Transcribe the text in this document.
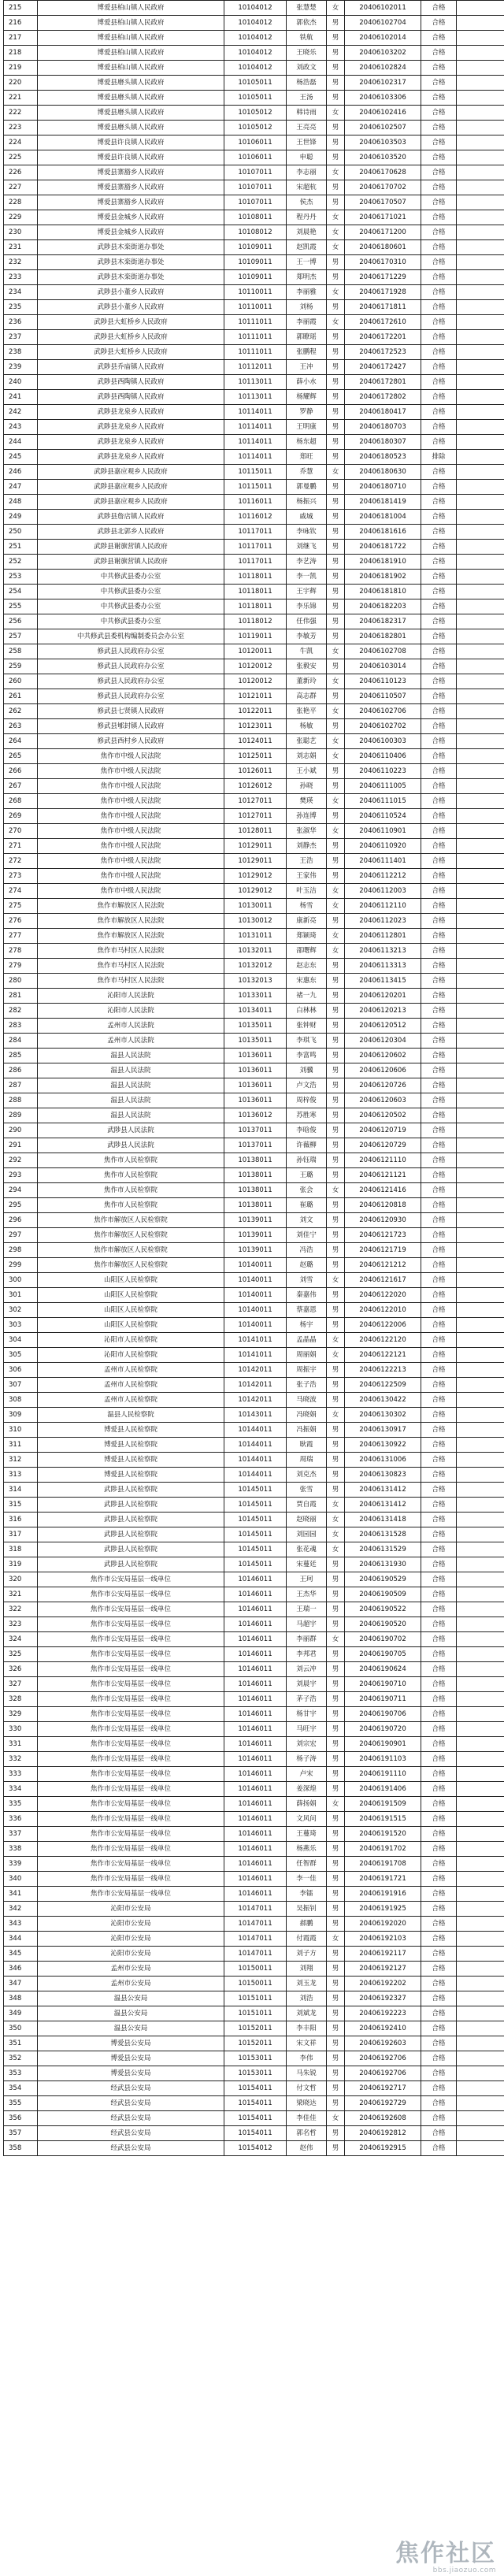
215	博爱县柏山镇人民政府	10104012	张慧楚	女	20406102011	合格	
216	博爱县柏山镇人民政府	10104012	郭依杰	男	20406102704	合格	
217	博爱县柏山镇人民政府	10104012	铁航	男	20406102014	合格	
218	博爱县柏山镇人民政府	10104012	王晓乐	男	20406103202	合格	
219	博爱县柏山镇人民政府	10104012	刘政文	男	20406102824	合格	
220	博爱县磨头镇人民政府	10105011	杨浩磊	男	20406102317	合格	
221	博爱县磨头镇人民政府	10105011	王汤	男	20406103306	合格	
222	博爱县磨头镇人民政府	10105012	韩诗雨	女	20406102416	合格	
223	博爱县磨头镇人民政府	10105012	王亮亮	男	20406102507	合格	
224	博爱县许良镇人民政府	10106011	王世锋	男	20406103503	合格	
225	博爱县许良镇人民政府	10106011	申聪	男	20406103520	合格	
226	博爱县寨豁乡人民政府	10107011	李志丽	女	20406170628	合格	
227	博爱县寨豁乡人民政府	10107011	宋超杭	男	20406170702	合格	
228	博爱县寨豁乡人民政府	10107011	侯杰	男	20406170507	合格	
229	博爱县金城乡人民政府	10108011	程丹丹	女	20406171021	合格	
230	博爱县金城乡人民政府	10108012	刘晨艳	女	20406171200	合格	
231	武陟县木栾街道办事处	10109011	赵凯霞	女	20406180601	合格	
232	武陟县木栾街道办事处	10109011	王一博	男	20406170310	合格	
233	武陟县木栾街道办事处	10109011	郑明杰	男	20406171229	合格	
234	武陟县小董乡人民政府	10110011	李丽雅	女	20406171928	合格	
235	武陟县小董乡人民政府	10110011	刘杨	男	20406171811	合格	
236	武陟县大虹桥乡人民政府	10111011	李丽霞	女	20406172610	合格	
237	武陟县大虹桥乡人民政府	10111011	郭瞭瑶	男	20406172201	合格	
238	武陟县大虹桥乡人民政府	10111011	张鹏程	男	20406172523	合格	
239	武陟县乔庙镇人民政府	10112011	王冲	男	20406172427	合格	
240	武陟县西陶镇人民政府	10113011	薛小水	男	20406172801	合格	
241	武陟县西陶镇人民政府	10113011	杨耀辉	男	20406172802	合格	
242	武陟县龙泉乡人民政府	10114011	罗静	男	20406180417	合格	
243	武陟县龙泉乡人民政府	10114011	王明康	男	20406180703	合格	
244	武陟县龙泉乡人民政府	10114011	杨东超	男	20406180307	合格	
245	武陟县龙泉乡人民政府	10114011	郑旺	男	20406180523	排除	
246	武陟县嘉应观乡人民政府	10115011	乔慧	女	20406180630	合格	
247	武陟县嘉应观乡人民政府	10115011	郭曼鹏	男	20406180710	合格	
248	武陟县嘉应观乡人民政府	10116011	杨振兴	男	20406181419	合格	
249	武陟县詹店镇人民政府	10116012	戚城	男	20406181004	合格	
250	武陟县北郭乡人民政府	10117011	李咏钦	男	20406181616	合格	
251	武陟县谢旗营镇人民政府	10117011	刘继飞	男	20406181722	合格	
252	武陟县谢旗营镇人民政府	10117011	李艺涛	男	20406181910	合格	
253	中共修武县委办公室	10118011	李一凯	男	20406181902	合格	
254	中共修武县委办公室	10118011	王宇辉	男	20406181810	合格	
255	中共修武县委办公室	10118011	李乐锦	男	20406182203	合格	
256	中共修武县委办公室	10118012	任伟强	男	20406182317	合格	
257	中共修武县委机构编制委员会办公室	10119011	李敏芳	男	20406182801	合格	
258	修武县人民政府办公室	10120011	牛凯	女	20406102708	合格	
259	修武县人民政府办公室	10120012	张毅安	男	20406103014	合格	
260	修武县人民政府办公室	10120012	董新玲	女	20406110123	合格	
261	修武县人民政府办公室	10121011	高志群	男	20406110507	合格	
262	修武县七贤镇人民政府	10122011	张艳平	女	20406102706	合格	
263	修武县郇封镇人民政府	10123011	杨敏	男	20406102702	合格	
264	修武县西村乡人民政府	10124011	张聪艺	女	20406100303	合格	
265	焦作市中级人民法院	10125011	刘志娟	女	20406110406	合格	
266	焦作市中级人民法院	10126011	王小斌	男	20406110223	合格	
267	焦作市中级人民法院	10126012	孙晓	男	20406111005	合格	
268	焦作市中级人民法院	10127011	樊瑛	女	20406111015	合格	
269	焦作市中级人民法院	10127011	孙连博	男	20406110524	合格	
270	焦作市中级人民法院	10128011	张淑华	女	20406110901	合格	
271	焦作市中级人民法院	10129011	刘静杰	男	20406110920	合格	
272	焦作市中级人民法院	10129011	王浩	男	20406111401	合格	
273	焦作市中级人民法院	10129012	王家伟	男	20406112212	合格	
274	焦作市中级人民法院	10129012	叶玉洁	女	20406112003	合格	
275	焦作市解放区人民法院	10130011	杨雪	女	20406112110	合格	
276	焦作市解放区人民法院	10130012	康新亮	男	20406112023	合格	
277	焦作市解放区人民法院	10131011	郑颖琦	女	20406112801	合格	
278	焦作市马村区人民法院	10132011	邵曙辉	女	20406113213	合格	
279	焦作市马村区人民法院	10132012	赵志东	男	20406113313	合格	
280	焦作市马村区人民法院	10132013	宋惠东	男	20406113415	合格	
281	沁阳市人民法院	10133011	褚一九	男	20406120201	合格	
282	沁阳市人民法院	10134011	白林林	男	20406120213	合格	
283	孟州市人民法院	10135011	张钟财	男	20406120512	合格	
284	孟州市人民法院	10135011	李琪飞	男	20406120304	合格	
285	温县人民法院	10136011	李富鸣	男	20406120602	合格	
286	温县人民法院	10136011	刘骥	男	20406120606	合格	
287	温县人民法院	10136011	卢文浩	男	20406120726	合格	
288	温县人民法院	10136011	周梓俊	男	20406120603	合格	
289	温县人民法院	10136012	苏胜寒	男	20406120502	合格	
290	武陟县人民法院	10137011	李晗俊	男	20406120719	合格	
291	武陟县人民法院	10137011	许薇柳	男	20406120729	合格	
292	焦作市人民检察院	10138011	孙钰瑞	男	20406121110	合格	
293	焦作市人民检察院	10138011	王璐	男	20406121121	合格	
294	焦作市人民检察院	10138011	张会	女	20406121416	合格	
295	焦作市人民检察院	10138011	崔璐	男	20406120818	合格	
296	焦作市解放区人民检察院	10139011	刘文	男	20406120930	合格	
297	焦作市解放区人民检察院	10139011	刘佳宁	男	20406121723	合格	
298	焦作市解放区人民检察院	10139011	冯浩	男	20406121719	合格	
299	焦作市解放区人民检察院	10140011	赵璐	男	20406121212	合格	
300	山阳区人民检察院	10140011	刘雪	女	20406121617	合格	
301	山阳区人民检察院	10140011	秦嘉伟	男	20406122020	合格	
302	山阳区人民检察院	10140011	蔡嘉恩	男	20406122010	合格	
303	山阳区人民检察院	10140011	杨宇	男	20406122006	合格	
304	沁阳市人民检察院	10141011	孟晶晶	女	20406122120	合格	
305	沁阳市人民检察院	10141011	周丽娟	女	20406122121	合格	
306	孟州市人民检察院	10142011	周振宇	男	20406122213	合格	
307	孟州市人民检察院	10142011	张子浩	男	20406122509	合格	
308	孟州市人民检察院	10142011	马晓波	男	20406130422	合格	
309	温县人民检察院	10143011	冯晓娟	女	20406130302	合格	
310	博爱县人民检察院	10144011	冯振娟	男	20406130917	合格	
311	博爱县人民检察院	10144011	耿霞	男	20406130922	合格	
312	博爱县人民检察院	10144011	周瑞	男	20406131006	合格	
313	博爱县人民检察院	10144011	刘克杰	男	20406130823	合格	
314	武陟县人民检察院	10145011	张雪	男	20406131412	合格	
315	武陟县人民检察院	10145011	贾自霞	女	20406131412	合格	
316	武陟县人民检察院	10145011	赵晓丽	女	20406131418	合格	
317	武陟县人民检察院	10145011	刘园园	女	20406131528	合格	
318	武陟县人民检察院	10145011	张花魂	女	20406131529	合格	
319	武陟县人民检察院	10145011	宋蔓廷	男	20406131930	合格	
320	焦作市公安局基层一线单位	10146011	王珂	男	20406190529	合格	
321	焦作市公安局基层一线单位	10146011	王杰华	男	20406190509	合格	
322	焦作市公安局基层一线单位	10146011	王瑞一	男	20406190522	合格	
323	焦作市公安局基层一线单位	10146011	马超宇	男	20406190520	合格	
324	焦作市公安局基层一线单位	10146011	李丽群	女	20406190702	合格	
325	焦作市公安局基层一线单位	10146011	李邦君	男	20406190705	合格	
326	焦作市公安局基层一线单位	10146011	刘云冲	男	20406190624	合格	
327	焦作市公安局基层一线单位	10146011	刘晨宇	男	20406190710	合格	
328	焦作市公安局基层一线单位	10146011	茅子浩	男	20406190711	合格	
329	焦作市公安局基层一线单位	10146011	杨甘宇	男	20406190706	合格	
330	焦作市公安局基层一线单位	10146011	马旺宇	男	20406190720	合格	
331	焦作市公安局基层一线单位	10146011	刘宗宏	男	20406190901	合格	
332	焦作市公安局基层一线单位	10146011	杨子涛	男	20406191103	合格	
333	焦作市公安局基层一线单位	10146011	卢宋	男	20406191110	合格	
334	焦作市公安局基层一线单位	10146011	姜深煌	男	20406191406	合格	
335	焦作市公安局基层一线单位	10146011	薛扬娟	女	20406191509	合格	
336	焦作市公安局基层一线单位	10146011	文风问	男	20406191515	合格	
337	焦作市公安局基层一线单位	10146011	王蔓琦	男	20406191520	合格	
338	焦作市公安局基层一线单位	10146011	杨燕乐	男	20406191702	合格	
339	焦作市公安局基层一线单位	10146011	任智群	男	20406191708	合格	
340	焦作市公安局基层一线单位	10146011	李一佳	男	20406191721	合格	
341	焦作市公安局基层一线单位	10146011	李镭	男	20406191916	合格	
342	沁阳市公安局	10147011	吴振钊	男	20406191925	合格	
343	沁阳市公安局	10147011	郝鹏	男	20406192020	合格	
344	沁阳市公安局	10147011	付霞霞	女	20406192103	合格	
345	沁阳市公安局	10147011	刘子方	男	20406192117	合格	
346	孟州市公安局	10150011	刘翔	男	20406192127	合格	
347	孟州市公安局	10150011	刘玉龙	男	20406192202	合格	
348	温县公安局	10151011	刘浩	男	20406192327	合格	
349	温县公安局	10151011	刘斌龙	男	20406192223	合格	
350	温县公安局	10152011	李丰阳	男	20406192410	合格	
351	博爱县公安局	10152011	宋文祥	男	20406192603	合格	
352	博爱县公安局	10153011	李伟	男	20406192706	合格	
353	博爱县公安局	10153011	马朱锐	男	20406192706	合格	
354	经武县公安局	10154011	付文哲	男	20406192717	合格	
355	经武县公安局	10154011	梁晓达	男	20406192729	合格	
356	经武县公安局	10154011	李佳佳	女	20406192608	合格	
357	经武县公安局	10154011	郭名哲	男	20406192812	合格	
358	经武县公安局	10154012	赵伟	男	20406192915	合格	
焦作社区
bbs.jiaozuo.com
